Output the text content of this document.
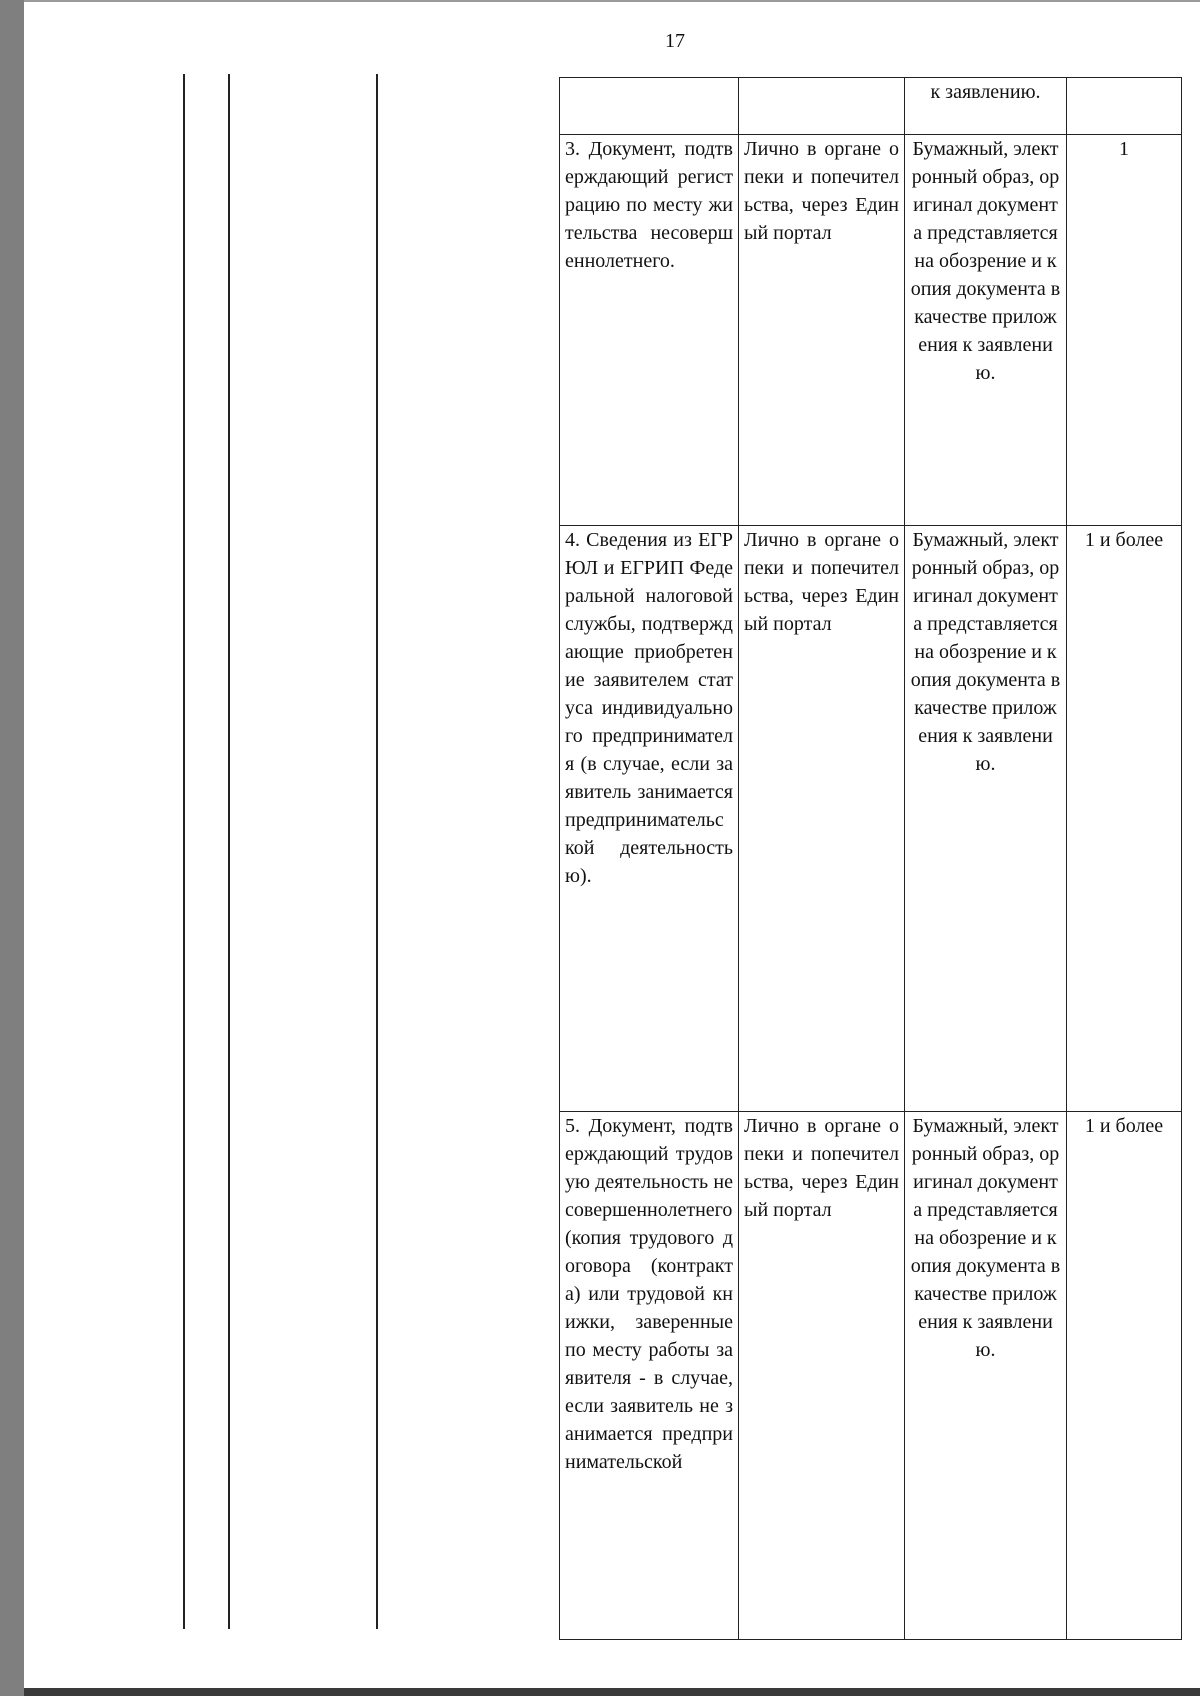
17

		к заявлению.	

3. Документ, подтверждающий регистрацию по месту жительства несовершеннолетнего.	Лично в органе опеки и попечительства, через Единый портал	Бумажный, электронный образ, оригинал документа представляется на обозрение и копия документа в качестве приложения к заявлению.	1

4. Сведения из ЕГРЮЛ и ЕГРИП Федеральной налоговой службы, подтверждающие приобретение заявителем статуса индивидуального предпринимателя (в случае, если заявитель занимается предпринимательской деятельностью).	Лично в органе опеки и попечительства, через Единый портал	Бумажный, электронный образ, оригинал документа представляется на обозрение и копия документа в качестве приложения к заявлению.	1 и более

5. Документ, подтверждающий трудовую деятельность несовершеннолетнего (копия трудового договора (контракта) или трудовой книжки, заверенные по месту работы заявителя - в случае, если заявитель не занимается предпринимательской	Лично в органе опеки и попечительства, через Единый портал	Бумажный, электронный образ, оригинал документа представляется на обозрение и копия документа в качестве приложения к заявлению.	1 и более
